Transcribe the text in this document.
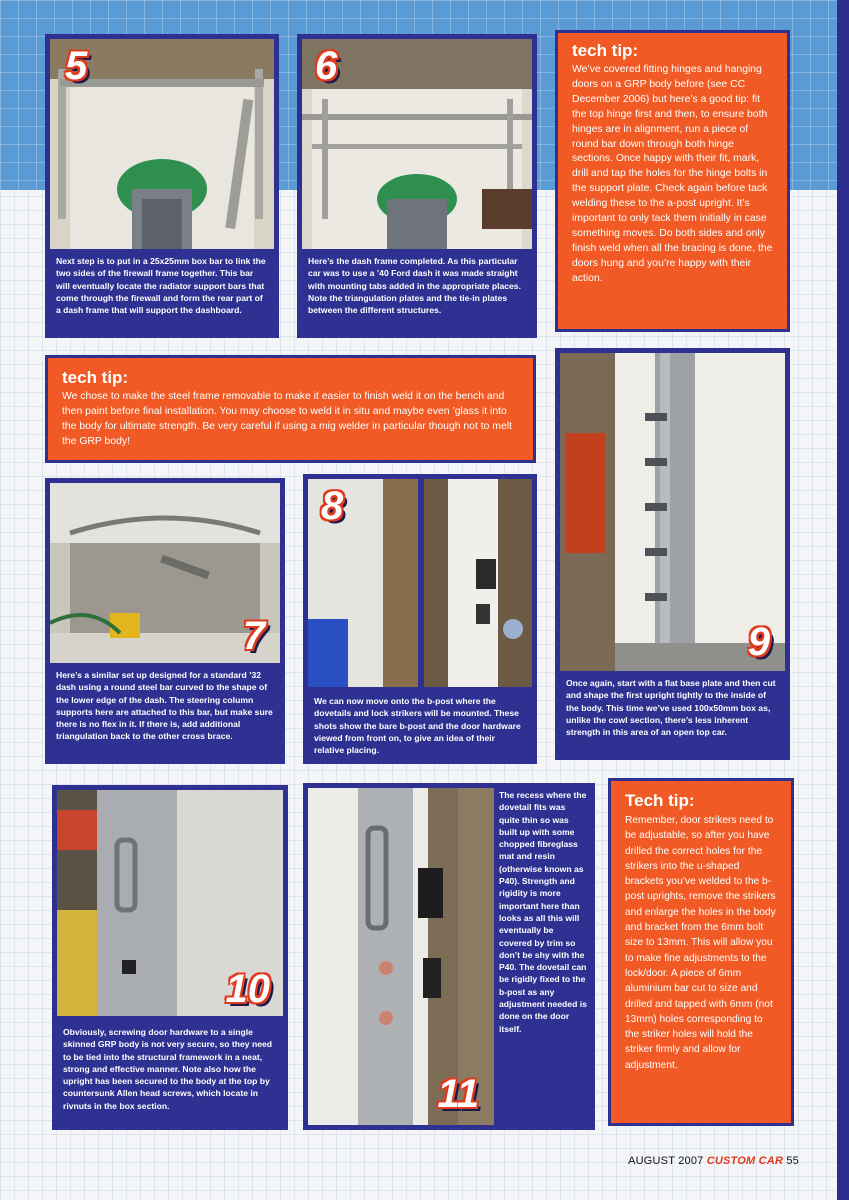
5
Next step is to put in a 25x25mm box bar to link the two sides of the firewall frame together. This bar will eventually locate the radiator support bars that come through the firewall and form the rear part of a dash frame that will support the dashboard.
6
Here’s the dash frame completed. As this particular car was to use a ’40 Ford dash it was made straight with mounting tabs added in the appropriate places. Note the triangulation plates and the tie-in plates between the different structures.
tech tip:
We’ve covered fitting hinges and hanging doors on a GRP body before (see CC December 2006) but here’s a good tip: fit the top hinge first and then, to ensure both hinges are in alignment, run a piece of round bar down through both hinge sections. Once happy with their fit, mark, drill and tap the holes for the hinge bolts in the support plate. Check again before tack welding these to the a-post upright. It’s important to only tack them initially in case something moves. Do both sides and only finish weld when all the bracing is done, the doors hung and you’re happy with their action.
tech tip:
We chose to make the steel frame removable to make it easier to finish weld it on the bench and then paint before final installation. You may choose to weld it in situ and maybe even ’glass it into the body for ultimate strength. Be very careful if using a mig welder in particular though not to melt the GRP body!
9
Once again, start with a flat base plate and then cut and shape the first upright tightly to the inside of the body. This time we’ve used 100x50mm box as, unlike the cowl section, there’s less inherent strength in this area of an open top car.
7
Here’s a similar set up designed for a standard ’32 dash using a round steel bar curved to the shape of the lower edge of the dash. The steering column supports here are attached to this bar, but make sure there is no flex in it. If there is, add additional triangulation back to the other cross brace.
8
We can now move onto the b-post where the dovetails and lock strikers will be mounted. These shots show the bare b-post and the door hardware viewed from front on, to give an idea of their relative placing.
10
Obviously, screwing door hardware to a single skinned GRP body is not very secure, so they need to be tied into the structural framework in a neat, strong and effective manner. Note also how the upright has been secured to the body at the top by countersunk Allen head screws, which locate in rivnuts in the box section.	11
The recess where the dovetail fits was quite thin so was built up with some chopped fibreglass mat and resin (otherwise known as P40). Strength and rigidity is more important here than looks as all this will eventually be covered by trim so don’t be shy with the P40. The dovetail can be rigidly fixed to the b-post as any adjustment needed is done on the door itself.
Tech tip:
Remember, door strikers need to be adjustable, so after you have drilled the correct holes for the strikers into the u-shaped brackets you’ve welded to the b-post uprights, remove the strikers and enlarge the holes in the body and bracket from the 6mm bolt size to 13mm. This will allow you to make fine adjustments to the lock/door. A piece of 6mm aluminium bar cut to size and drilled and tapped with 6mm (not 13mm) holes corresponding to the striker holes will hold the striker firmly and allow for adjustment.
AUGUST 2007 CUSTOM CAR 55
